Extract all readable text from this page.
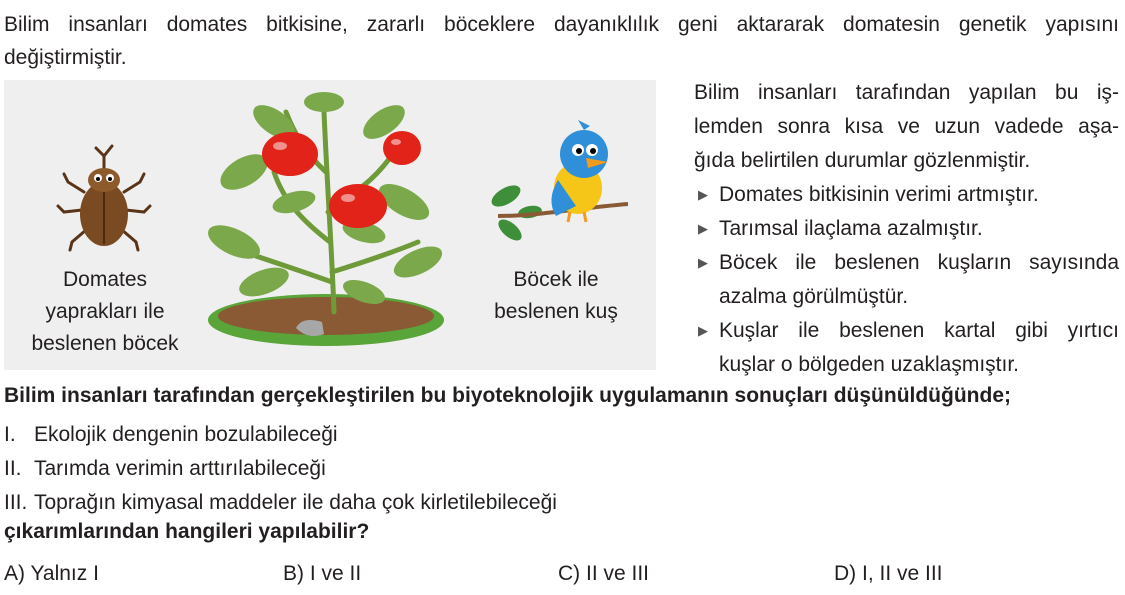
Bilim insanları domates bitkisine, zararlı böceklere dayanıklılık geni aktararak domatesin genetik yapısını
değiştirmiştir.
Domates
yaprakları ile
beslenen böcek
Böcek ile
beslenen kuş
Bilim insanları tarafından yapılan bu iş-
lemden sonra kısa ve uzun vadede aşa-
ğıda belirtilen durumlar gözlenmiştir.
▶ Domates bitkisinin verimi artmıştır.
▶ Tarımsal ilaçlama azalmıştır.
▶ Böcek ile beslenen kuşların sayısında
azalma görülmüştür.
▶ Kuşlar ile beslenen kartal gibi yırtıcı
kuşlar o bölgeden uzaklaşmıştır.
Bilim insanları tarafından gerçekleştirilen bu biyoteknolojik uygulamanın sonuçları düşünüldüğünde;
I. Ekolojik dengenin bozulabileceği
II. Tarımda verimin arttırılabileceği
III. Toprağın kimyasal maddeler ile daha çok kirletilebileceği
çıkarımlarından hangileri yapılabilir?
A) Yalnız I	B) I ve II	C) II ve III	D) I, II ve III
